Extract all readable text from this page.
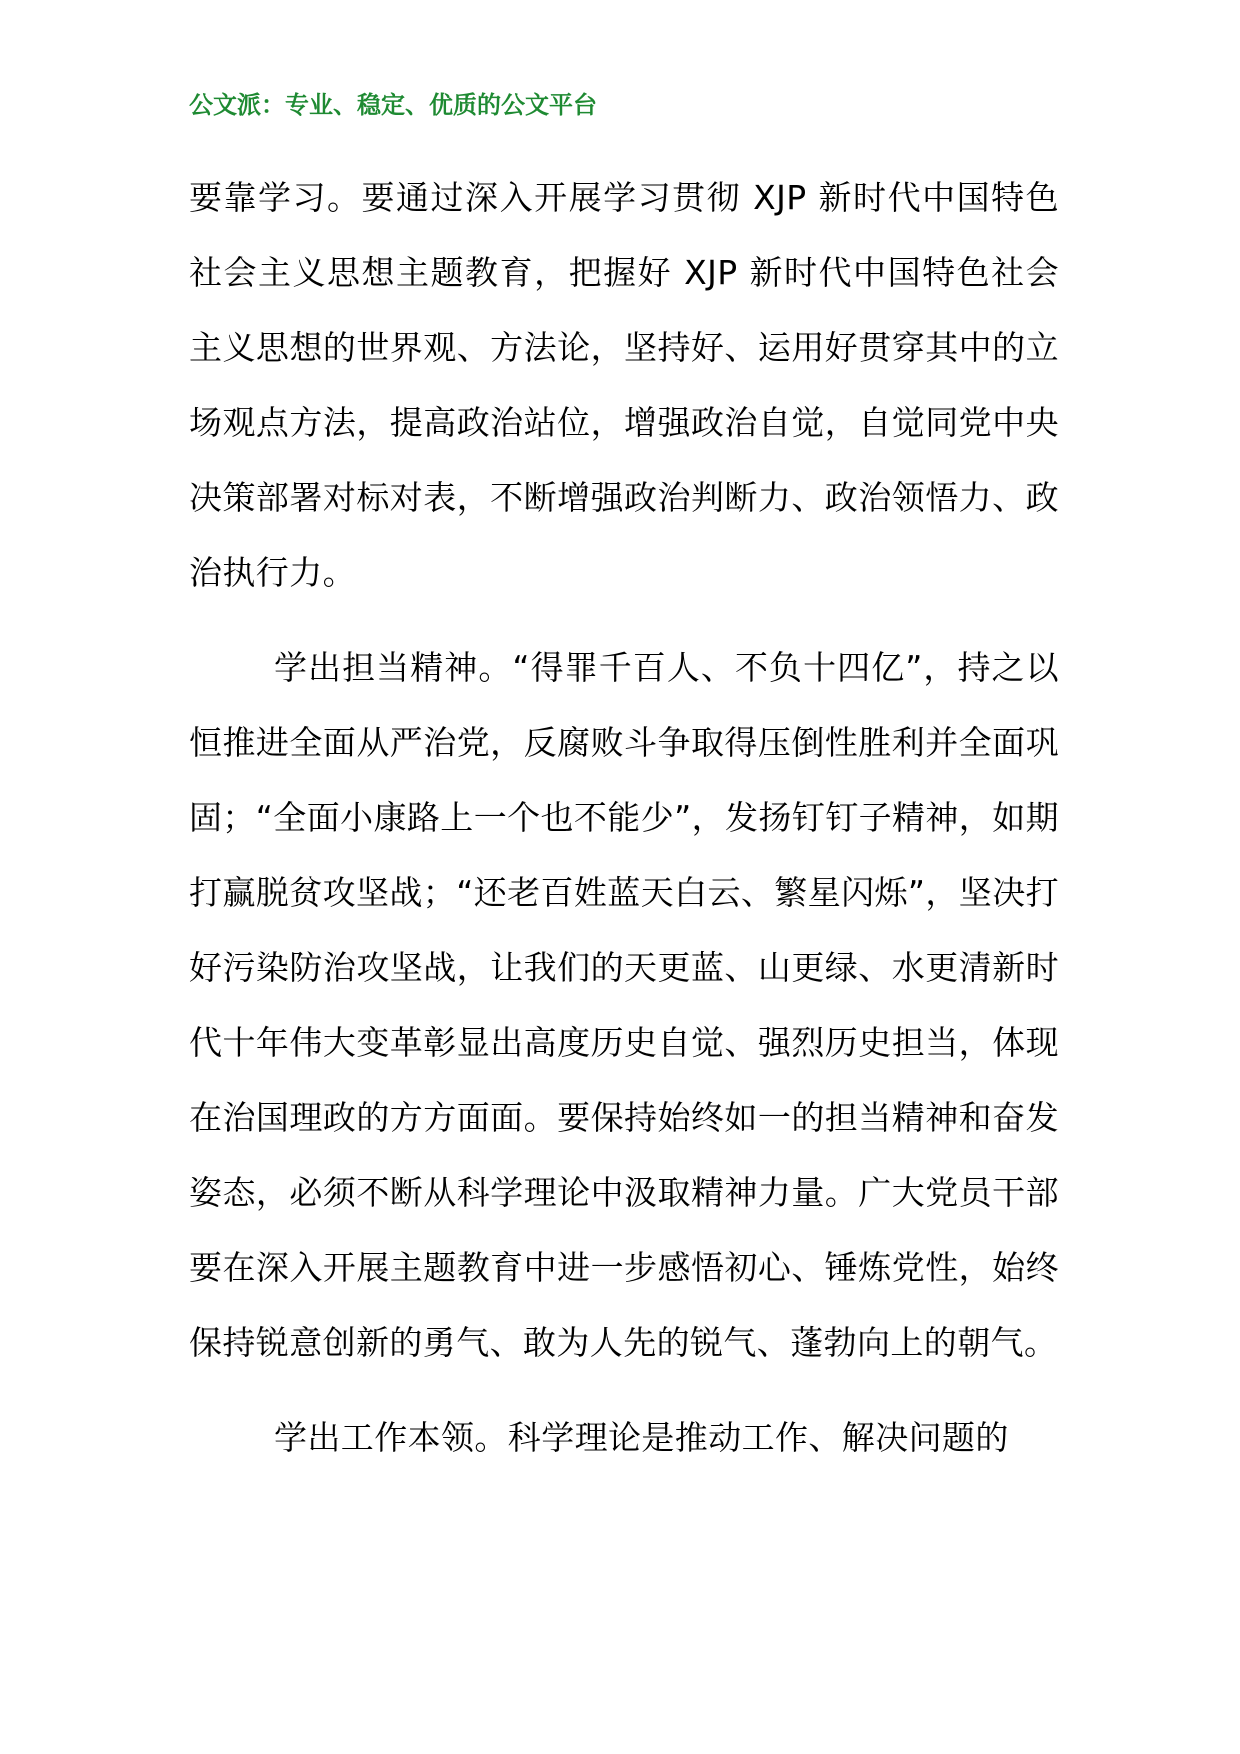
公文派：专业、稳定、优质的公文平台

要靠学习。要通过深入开展学习贯彻 XJP 新时代中国特色社会主义思想主题教育，把握好 XJP 新时代中国特色社会主义思想的世界观、方法论，坚持好、运用好贯穿其中的立场观点方法，提高政治站位，增强政治自觉，自觉同党中央决策部署对标对表，不断增强政治判断力、政治领悟力、政治执行力。

学出担当精神。“得罪千百人、不负十四亿”，持之以恒推进全面从严治党，反腐败斗争取得压倒性胜利并全面巩固；“全面小康路上一个也不能少”，发扬钉钉子精神，如期打赢脱贫攻坚战；“还老百姓蓝天白云、繁星闪烁”，坚决打好污染防治攻坚战，让我们的天更蓝、山更绿、水更清新时代十年伟大变革彰显出高度历史自觉、强烈历史担当，体现在治国理政的方方面面。要保持始终如一的担当精神和奋发姿态，必须不断从科学理论中汲取精神力量。广大党员干部要在深入开展主题教育中进一步感悟初心、锤炼党性，始终保持锐意创新的勇气、敢为人先的锐气、蓬勃向上的朝气。

学出工作本领。科学理论是推动工作、解决问题的
